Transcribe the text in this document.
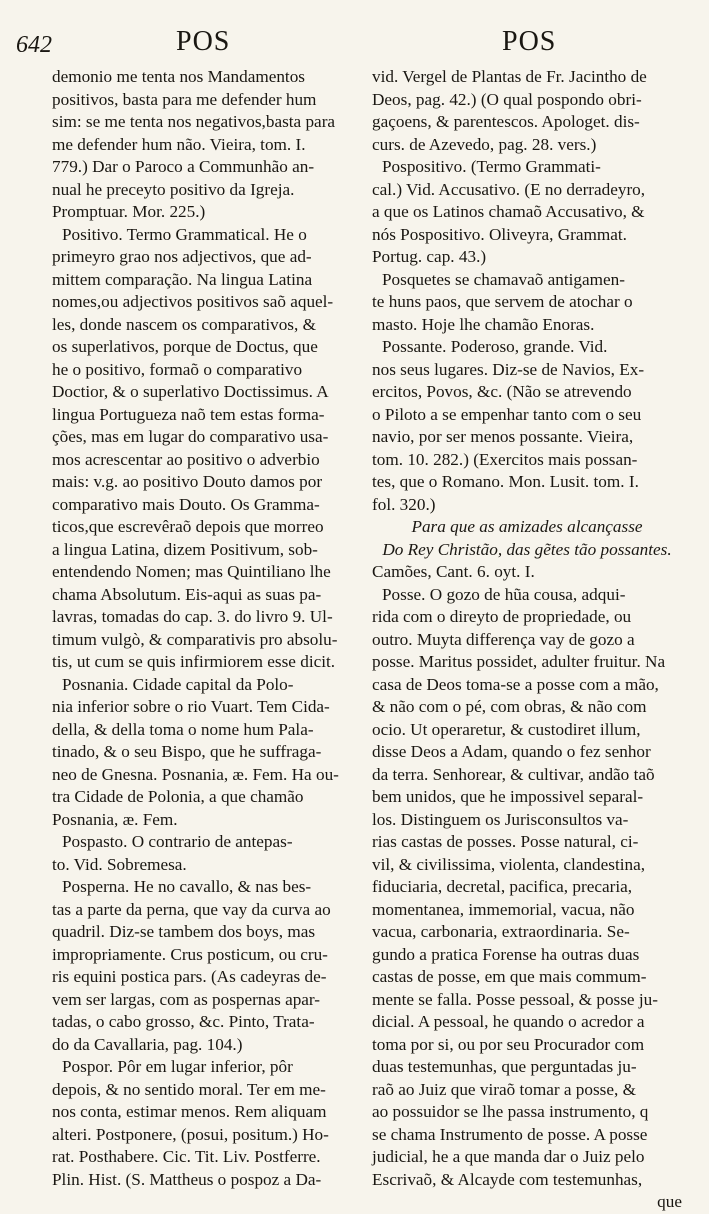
642	POS	POS
demonio me tenta nos Mandamentos
positivos, basta para me defender hum
sim: se me tenta nos negativos,basta para
me defender hum não. Vieira, tom. I.
779.) Dar o Paroco a Communhão an-
nual he preceyto positivo da Igreja.
Promptuar. Mor. 225.)
Positivo. Termo Grammatical. He o
primeyro grao nos adjectivos, que ad-
mittem comparação. Na lingua Latina
nomes,ou adjectivos positivos saõ aquel-
les, donde nascem os comparativos, &
os superlativos, porque de Doctus, que
he o positivo, formaõ o comparativo
Doctior, & o superlativo Doctissimus. A
lingua Portugueza naõ tem estas forma-
ções, mas em lugar do comparativo usa-
mos acrescentar ao positivo o adverbio
mais: v.g. ao positivo Douto damos por
comparativo mais Douto. Os Gramma-
ticos,que escrevêraõ depois que morreo
a lingua Latina, dizem Positivum, sob-
entendendo Nomen; mas Quintiliano lhe
chama Absolutum. Eis-aqui as suas pa-
lavras, tomadas do cap. 3. do livro 9. Ul-
timum vulgò, & comparativis pro absolu-
tis, ut cum se quis infirmiorem esse dicit.
Posnania. Cidade capital da Polo-
nia inferior sobre o rio Vuart. Tem Cida-
della, & della toma o nome hum Pala-
tinado, & o seu Bispo, que he suffraga-
neo de Gnesna. Posnania, æ. Fem. Ha ou-
tra Cidade de Polonia, a que chamão
Posnania, æ. Fem.
Pospasto. O contrario de antepas-
to. Vid. Sobremesa.
Posperna. He no cavallo, & nas bes-
tas a parte da perna, que vay da curva ao
quadril. Diz-se tambem dos boys, mas
impropriamente. Crus posticum, ou cru-
ris equini postica pars. (As cadeyras de-
vem ser largas, com as pospernas apar-
tadas, o cabo grosso, &c. Pinto, Trata-
do da Cavallaria, pag. 104.)
Pospor. Pôr em lugar inferior, pôr
depois, & no sentido moral. Ter em me-
nos conta, estimar menos. Rem aliquam
alteri. Postponere, (posui, positum.) Ho-
rat. Posthabere. Cic. Tit. Liv. Postferre.
Plin. Hist. (S. Mattheus o pospoz a Da-
vid. Vergel de Plantas de Fr. Jacintho de
Deos, pag. 42.) (O qual pospondo obri-
gaçoens, & parentescos. Apologet. dis-
curs. de Azevedo, pag. 28. vers.)
Pospositivo. (Termo Grammati-
cal.) Vid. Accusativo. (E no derradeyro,
a que os Latinos chamaõ Accusativo, &
nós Pospositivo. Oliveyra, Grammat.
Portug. cap. 43.)
Posquetes se chamavaõ antigamen-
te huns paos, que servem de atochar o
masto. Hoje lhe chamão Enoras.
Possante. Poderoso, grande. Vid.
nos seus lugares. Diz-se de Navios, Ex-
ercitos, Povos, &c. (Não se atrevendo
o Piloto a se empenhar tanto com o seu
navio, por ser menos possante. Vieira,
tom. 10. 282.) (Exercitos mais possan-
tes, que o Romano. Mon. Lusit. tom. I.
fol. 320.)
Para que as amizades alcançasse
Do Rey Christão, das gẽtes tão possantes.
Camões, Cant. 6. oyt. I.
Posse. O gozo de hũa cousa, adqui-
rida com o direyto de propriedade, ou
outro. Muyta differença vay de gozo a
posse. Maritus possidet, adulter fruitur. Na
casa de Deos toma-se a posse com a mão,
& não com o pé, com obras, & não com
ocio. Ut operaretur, & custodiret illum,
disse Deos a Adam, quando o fez senhor
da terra. Senhorear, & cultivar, andão taõ
bem unidos, que he impossivel separal-
los. Distinguem os Jurisconsultos va-
rias castas de posses. Posse natural, ci-
vil, & civilissima, violenta, clandestina,
fiduciaria, decretal, pacifica, precaria,
momentanea, immemorial, vacua, não
vacua, carbonaria, extraordinaria. Se-
gundo a pratica Forense ha outras duas
castas de posse, em que mais commum-
mente se falla. Posse pessoal, & posse ju-
dicial. A pessoal, he quando o acredor a
toma por si, ou por seu Procurador com
duas testemunhas, que perguntadas ju-
raõ ao Juiz que viraõ tomar a posse, &
ao possuidor se lhe passa instrumento, q
se chama Instrumento de posse. A posse
judicial, he a que manda dar o Juiz pelo
Escrivaõ, & Alcayde com testemunhas,
que
